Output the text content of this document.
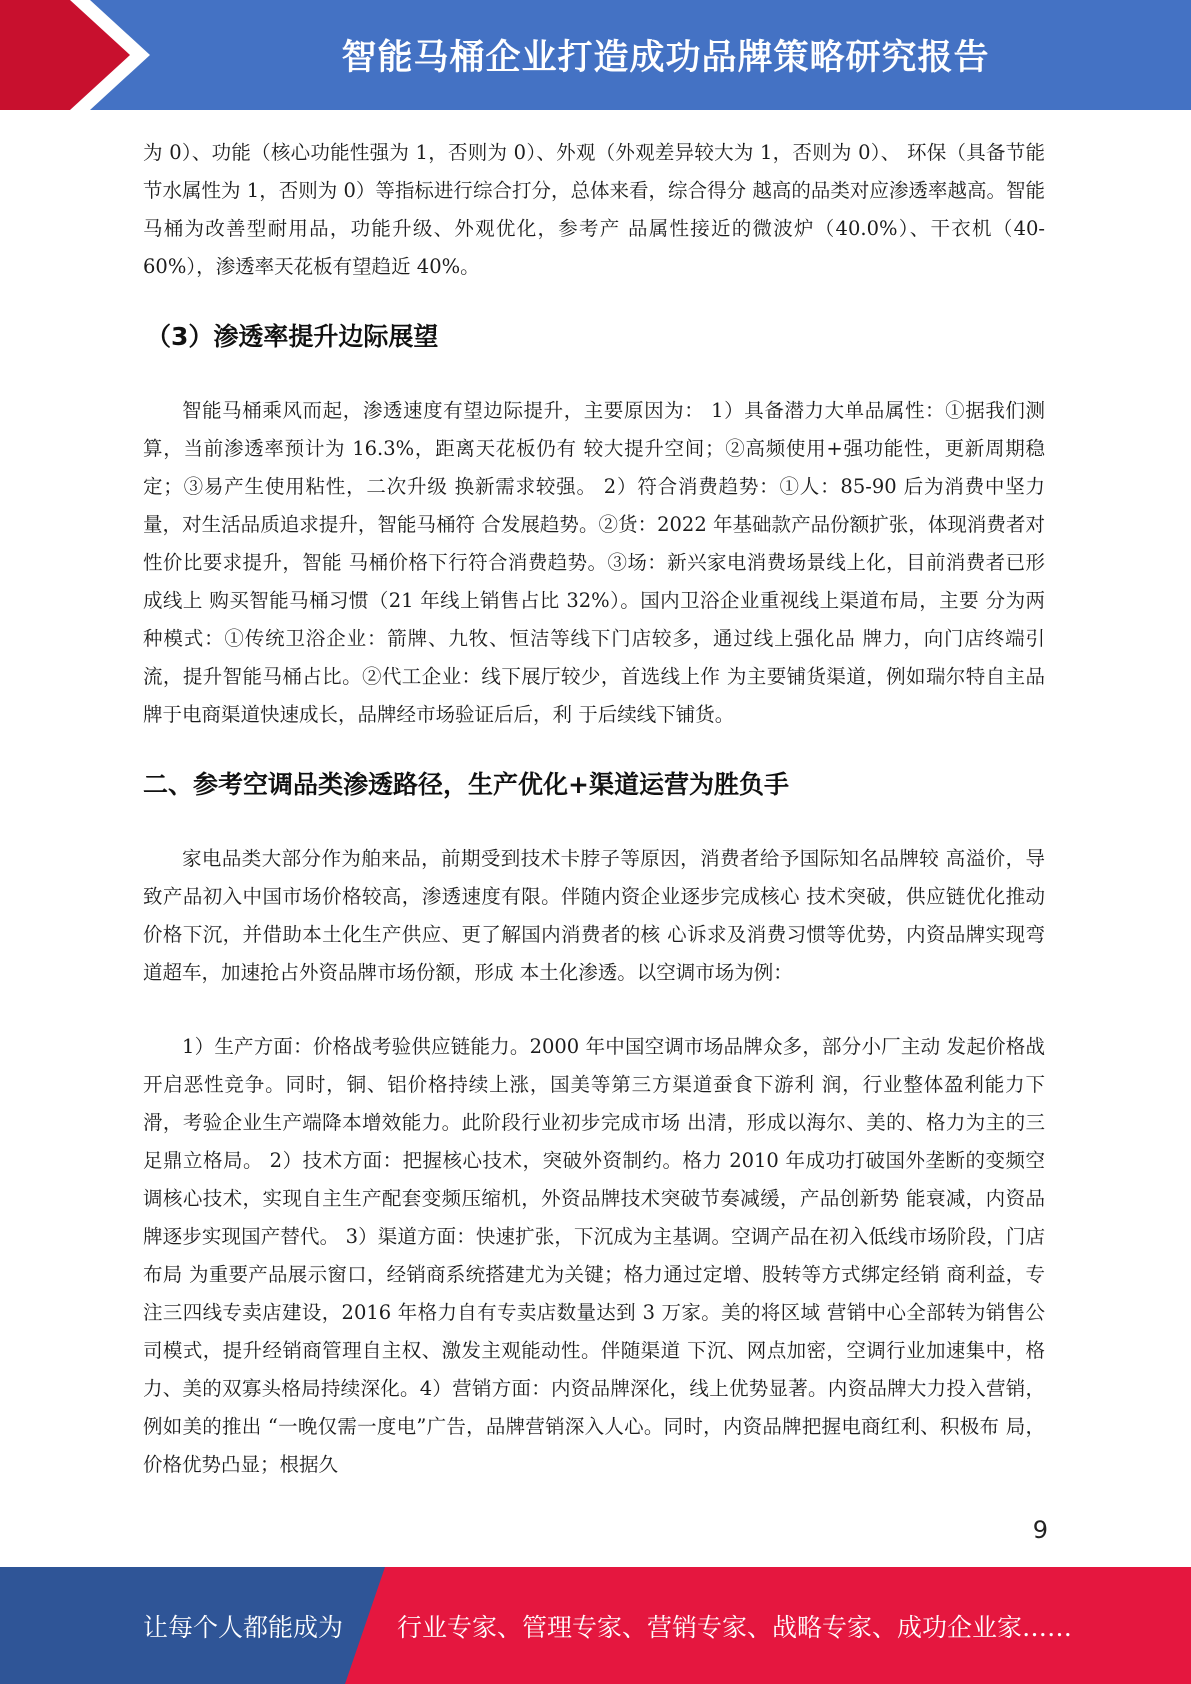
智能马桶企业打造成功品牌策略研究报告

为 0）、功能（核心功能性强为 1，否则为 0）、外观（外观差异较大为 1，否则为 0）、 环保（具备节能节水属性为 1，否则为 0）等指标进行综合打分，总体来看，综合得分 越高的品类对应渗透率越高。智能马桶为改善型耐用品，功能升级、外观优化，参考产 品属性接近的微波炉（40.0%）、干衣机（40-60%），渗透率天花板有望趋近 40%。

（3）渗透率提升边际展望

智能马桶乘风而起，渗透速度有望边际提升，主要原因为： 1）具备潜力大单品属性：①据我们测算，当前渗透率预计为 16.3%，距离天花板仍有 较大提升空间；②高频使用+强功能性，更新周期稳定；③易产生使用粘性，二次升级 换新需求较强。 2）符合消费趋势：①人：85-90 后为消费中坚力量，对生活品质追求提升，智能马桶符 合发展趋势。②货：2022 年基础款产品份额扩张，体现消费者对性价比要求提升，智能 马桶价格下行符合消费趋势。③场：新兴家电消费场景线上化，目前消费者已形成线上 购买智能马桶习惯（21 年线上销售占比 32%）。国内卫浴企业重视线上渠道布局，主要 分为两种模式：①传统卫浴企业：箭牌、九牧、恒洁等线下门店较多，通过线上强化品 牌力，向门店终端引流，提升智能马桶占比。②代工企业：线下展厅较少，首选线上作 为主要铺货渠道，例如瑞尔特自主品牌于电商渠道快速成长，品牌经市场验证后后，利 于后续线下铺货。

二、参考空调品类渗透路径，生产优化+渠道运营为胜负手

家电品类大部分作为舶来品，前期受到技术卡脖子等原因，消费者给予国际知名品牌较 高溢价，导致产品初入中国市场价格较高，渗透速度有限。伴随内资企业逐步完成核心 技术突破，供应链优化推动价格下沉，并借助本土化生产供应、更了解国内消费者的核 心诉求及消费习惯等优势，内资品牌实现弯道超车，加速抢占外资品牌市场份额，形成 本土化渗透。以空调市场为例：

1）生产方面：价格战考验供应链能力。2000 年中国空调市场品牌众多，部分小厂主动 发起价格战开启恶性竞争。同时，铜、铝价格持续上涨，国美等第三方渠道蚕食下游利 润，行业整体盈利能力下滑，考验企业生产端降本增效能力。此阶段行业初步完成市场 出清，形成以海尔、美的、格力为主的三足鼎立格局。 2）技术方面：把握核心技术，突破外资制约。格力 2010 年成功打破国外垄断的变频空 调核心技术，实现自主生产配套变频压缩机，外资品牌技术突破节奏减缓，产品创新势 能衰减，内资品牌逐步实现国产替代。 3）渠道方面：快速扩张，下沉成为主基调。空调产品在初入低线市场阶段，门店布局 为重要产品展示窗口，经销商系统搭建尤为关键；格力通过定增、股转等方式绑定经销 商利益，专注三四线专卖店建设，2016 年格力自有专卖店数量达到 3 万家。美的将区域 营销中心全部转为销售公司模式，提升经销商管理自主权、激发主观能动性。伴随渠道 下沉、网点加密，空调行业加速集中，格力、美的双寡头格局持续深化。4）营销方面：内资品牌深化，线上优势显著。内资品牌大力投入营销，例如美的推出 “一晚仅需一度电”广告，品牌营销深入人心。同时，内资品牌把握电商红利、积极布 局，价格优势凸显；根据久

9
让每个人都能成为 行业专家、管理专家、营销专家、战略专家、成功企业家……
